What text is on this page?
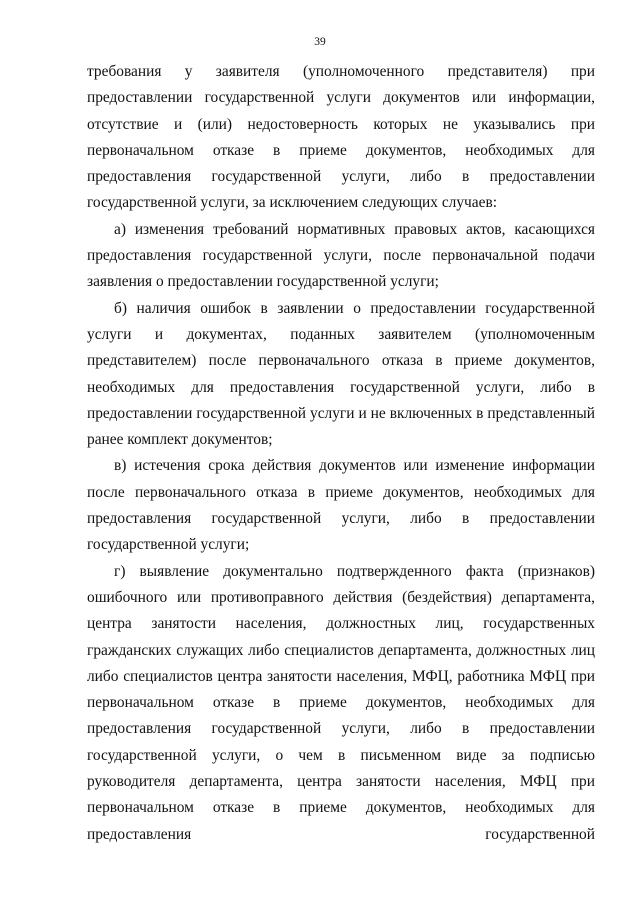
39

требования у заявителя (уполномоченного представителя) при предоставлении государственной услуги документов или информации, отсутствие и (или) недостоверность которых не указывались при первоначальном отказе в приеме документов, необходимых для предоставления государственной услуги, либо в предоставлении государственной услуги, за исключением следующих случаев:

а) изменения требований нормативных правовых актов, касающихся предоставления государственной услуги, после первоначальной подачи заявления о предоставлении государственной услуги;

б) наличия ошибок в заявлении о предоставлении государственной услуги и документах, поданных заявителем (уполномоченным представителем) после первоначального отказа в приеме документов, необходимых для предоставления государственной услуги, либо в предоставлении государственной услуги и не включенных в представленный ранее комплект документов;

в) истечения срока действия документов или изменение информации после первоначального отказа в приеме документов, необходимых для предоставления государственной услуги, либо в предоставлении государственной услуги;

г) выявление документально подтвержденного факта (признаков) ошибочного или противоправного действия (бездействия) департамента, центра занятости населения, должностных лиц, государственных гражданских служащих либо специалистов департамента, должностных лиц либо специалистов центра занятости населения, МФЦ, работника МФЦ при первоначальном отказе в приеме документов, необходимых для предоставления государственной услуги, либо в предоставлении государственной услуги, о чем в письменном виде за подписью руководителя департамента, центра занятости населения, МФЦ при первоначальном отказе в приеме документов, необходимых для предоставления государственной
